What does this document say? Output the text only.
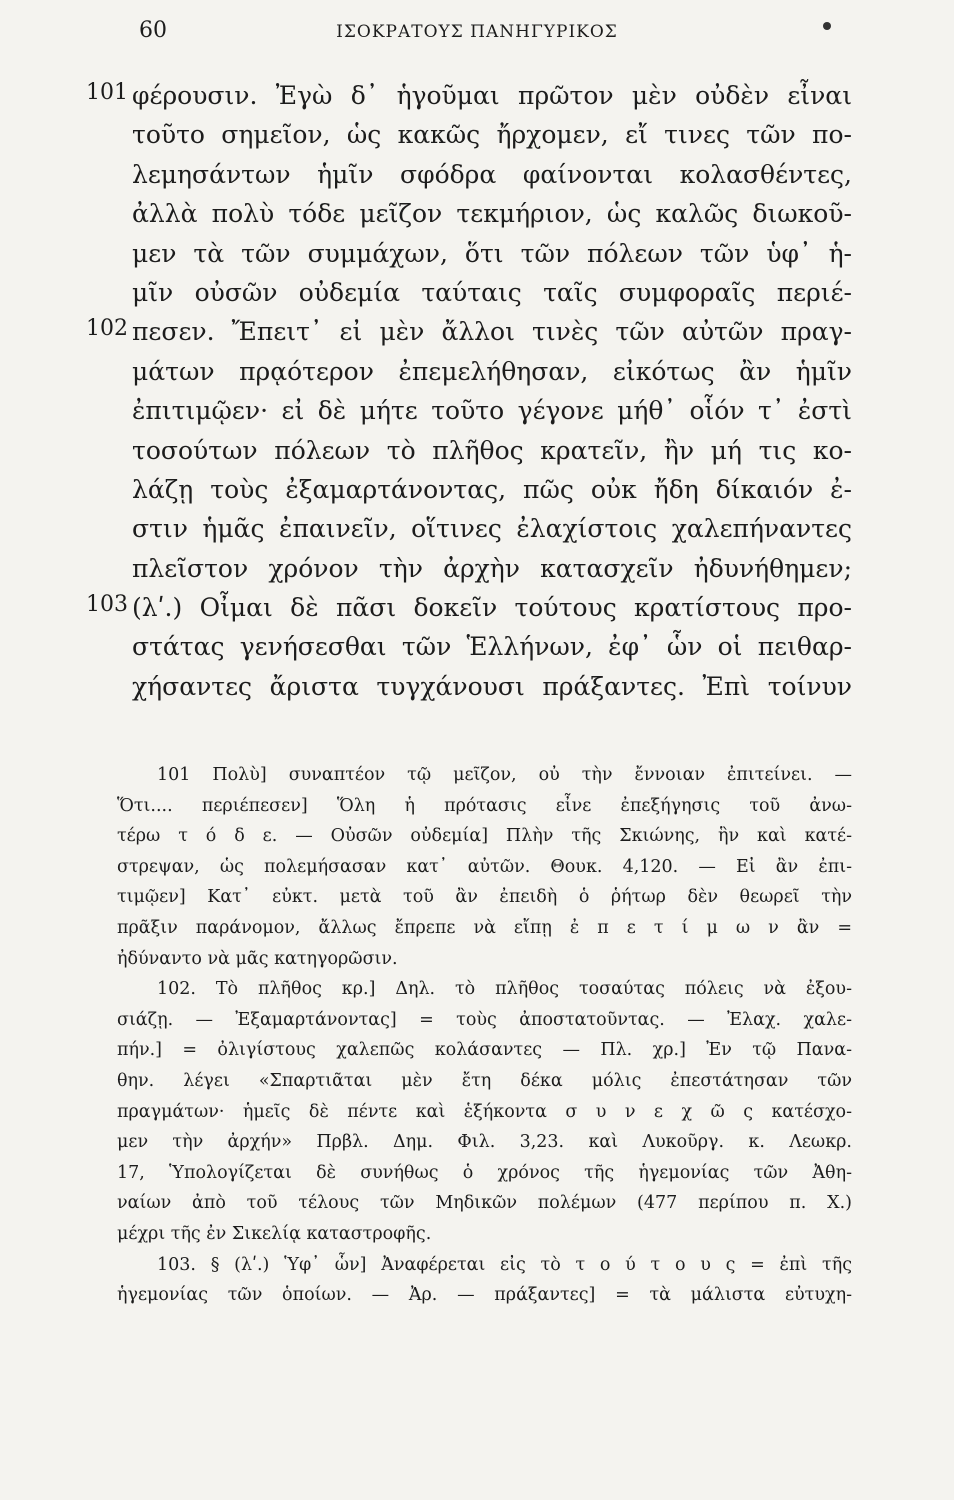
60	ΙΣΟΚΡΑΤΟΥΣ ΠΑΝΗΓΥΡΙΚΟΣ
101
102
103
φέρουσιν. Ἐγὼ δ᾽ ἡγοῦμαι πρῶτον μὲν οὐδὲν εἶναι
τοῦτο σημεῖον, ὡς κακῶς ἤρχομεν, εἴ τινες τῶν πο-
λεμησάντων ἡμῖν σφόδρα φαίνονται κολασθέντες,
ἀλλὰ πολὺ τόδε μεῖζον τεκμήριον, ὡς καλῶς διωκοῦ-
μεν τὰ τῶν συμμάχων, ὅτι τῶν πόλεων τῶν ὑφ᾽ ἡ-
μῖν οὐσῶν οὐδεμία ταύταις ταῖς συμφοραῖς περιέ-
πεσεν. Ἔπειτ᾽ εἰ μὲν ἄλλοι τινὲς τῶν αὐτῶν πραγ-
μάτων πρᾳότερον ἐπεμελήθησαν, εἰκότως ἂν ἡμῖν
ἐπιτιμῷεν· εἰ δὲ μήτε τοῦτο γέγονε μήθ᾽ οἷόν τ᾽ ἐστὶ
τοσούτων πόλεων τὸ πλῆθος κρατεῖν, ἢν μή τις κο-
λάζῃ τοὺς ἐξαμαρτάνοντας, πῶς οὐκ ἤδη δίκαιόν ἐ-
στιν ἡμᾶς ἐπαινεῖν, οἵτινες ἐλαχίστοις χαλεπήναντες
πλεῖστον χρόνον τὴν ἀρχὴν κατασχεῖν ἠδυνήθημεν;
(λʹ.) Οἶμαι δὲ πᾶσι δοκεῖν τούτους κρατίστους προ-
στάτας γενήσεσθαι τῶν Ἑλλήνων, ἐφ᾽ ὧν οἱ πειθαρ-
χήσαντες ἄριστα τυγχάνουσι πράξαντες. Ἐπὶ τοίνυν
101 Πολὺ] συναπτέον τῷ μεῖζον, οὐ τὴν ἔννοιαν ἐπιτείνει. —
Ὅτι.... περιέπεσεν] Ὅλη ἡ πρότασις εἶνε ἐπεξήγησις τοῦ ἀνω-
τέρω τ ό δ ε. — Οὐσῶν οὐδεμία] Πλὴν τῆς Σκιώνης, ἣν καὶ κατέ-
στρεψαν, ὡς πολεμήσασαν κατ᾽ αὐτῶν. Θουκ. 4,120. — Εἰ ἂν ἐπι-
τιμῷεν] Κατ᾽ εὐκτ. μετὰ τοῦ ἂν ἐπειδὴ ὁ ῥήτωρ δὲν θεωρεῖ τὴν
πρᾶξιν παράνομον, ἄλλως ἔπρεπε νὰ εἴπῃ ἐ π ε τ ί μ ω ν ἂν =
ἠδύναντο νὰ μᾶς κατηγορῶσιν.
102. Τὸ πλῆθος κρ.] Δηλ. τὸ πλῆθος τοσαύτας πόλεις νὰ ἐξου-
σιάζῃ. — Ἐξαμαρτάνοντας] = τοὺς ἀποστατοῦντας. — Ἐλαχ. χαλε-
πήν.] = ὀλιγίστους χαλεπῶς κολάσαντες — Πλ. χρ.] Ἐν τῷ Πανα-
θην. λέγει «Σπαρτιᾶται μὲν ἔτη δέκα μόλις ἐπεστάτησαν τῶν
πραγμάτων· ἡμεῖς δὲ πέντε καὶ ἑξήκοντα σ υ ν ε χ ῶ ς κατέσχο-
μεν τὴν ἀρχήν» Πρβλ. Δημ. Φιλ. 3,23. καὶ Λυκοῦργ. κ. Λεωκρ.
17, Ὑπολογίζεται δὲ συνήθως ὁ χρόνος τῆς ἡγεμονίας τῶν Ἀθη-
ναίων ἀπὸ τοῦ τέλους τῶν Μηδικῶν πολέμων (477 περίπου π. Χ.)
μέχρι τῆς ἐν Σικελίᾳ καταστροφῆς.
103. § (λʹ.) Ὑφ᾽ ὧν] Ἀναφέρεται εἰς τὸ τ ο ύ τ ο υ ς = ἐπὶ τῆς
ἡγεμονίας τῶν ὁποίων. — Ἀρ. — πράξαντες] = τὰ μάλιστα εὐτυχη-
